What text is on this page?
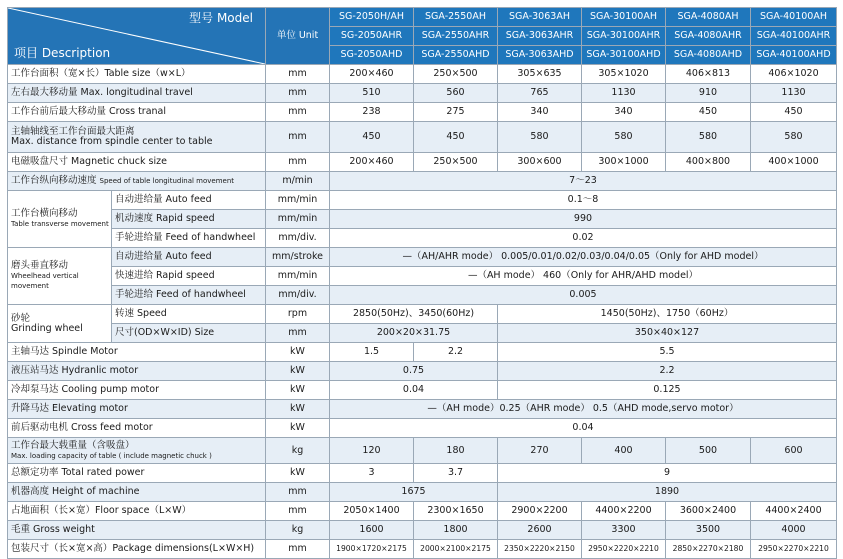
型号 Model
项目 Description		单位 Unit	SG-2050H/AH	SGA-2550AH	SGA-3063AH	SGA-30100AH	SGA-4080AH	SGA-40100AH
			SG-2050AHR	SGA-2550AHR	SGA-3063AHR	SGA-30100AHR	SGA-4080AHR	SGA-40100AHR
			SG-2050AHD	SGA-2550AHD	SGA-3063AHD	SGA-30100AHD	SGA-4080AHD	SGA-40100AHD
工作台面积（宽×长）Table size（w×L）		mm	200×460	250×500	305×635	305×1020	406×813	406×1020
左右最大移动量 Max. longitudinal travel		mm	510	560	765	1130	910	1130
工作台前后最大移动量 Cross tranal		mm	238	275	340	340	450	450
主轴轴线至工作台面最大距离
Max. distance from spindle center to table		mm	450	450	580	580	580	580
电磁吸盘尺寸 Magnetic chuck size		mm	200×460	250×500	300×600	300×1000	400×800	400×1000
工作台纵向移动速度 Speed of table longitudinal movement		m/min	7～23					
工作台横向移动
Table transverse movement	自动进给量 Auto feed	mm/min	0.1～8					
	机动速度 Rapid speed	mm/min	990					
	手轮进给量 Feed of handwheel	mm/div.	0.02					
磨头垂直移动
Wheelhead vertical movement	自动进给量 Auto feed	mm/stroke	—（AH/AHR mode） 0.005/0.01/0.02/0.03/0.04/0.05（Only for AHD model）					
	快速进给 Rapid speed	mm/min	—（AH mode） 460（Only for AHR/AHD model）					
	手轮进给 Feed of handwheel	mm/div.	0.005					
砂轮
Grinding wheel	转速 Speed	rpm	2850(50Hz)、3450(60Hz)		1450(50Hz)、1750（60Hz）			
	尺寸(OD×W×ID) Size	mm	200×20×31.75		350×40×127			
主轴马达 Spindle Motor		kW	1.5	2.2	5.5			
液压站马达 Hydranlic motor		kW	0.75		2.2			
冷却泵马达 Cooling pump motor		kW	0.04		0.125			
升降马达 Elevating motor		kW	—（AH mode）0.25（AHR mode） 0.5（AHD mode,servo motor）					
前后驱动电机 Cross feed motor		kW	0.04					
工作台最大载重量（含吸盘）
Max. loading capacity of table ( include magnetic chuck )		kg	120	180	270	400	500	600
总额定功率 Total rated power		kW	3	3.7	9			
机器高度 Height of machine		mm	1675		1890			
占地面积（长×宽）Floor space（L×W）		mm	2050×1400	2300×1650	2900×2200	4400×2200	3600×2400	4400×2400
毛重 Gross weight		kg	1600	1800	2600	3300	3500	4000
包装尺寸（长×宽×高）Package dimensions(L×W×H)		mm	1900×1720×2175	2000×2100×2175	2350×2220×2150	2950×2220×2210	2850×2270×2180	2950×2270×2210
